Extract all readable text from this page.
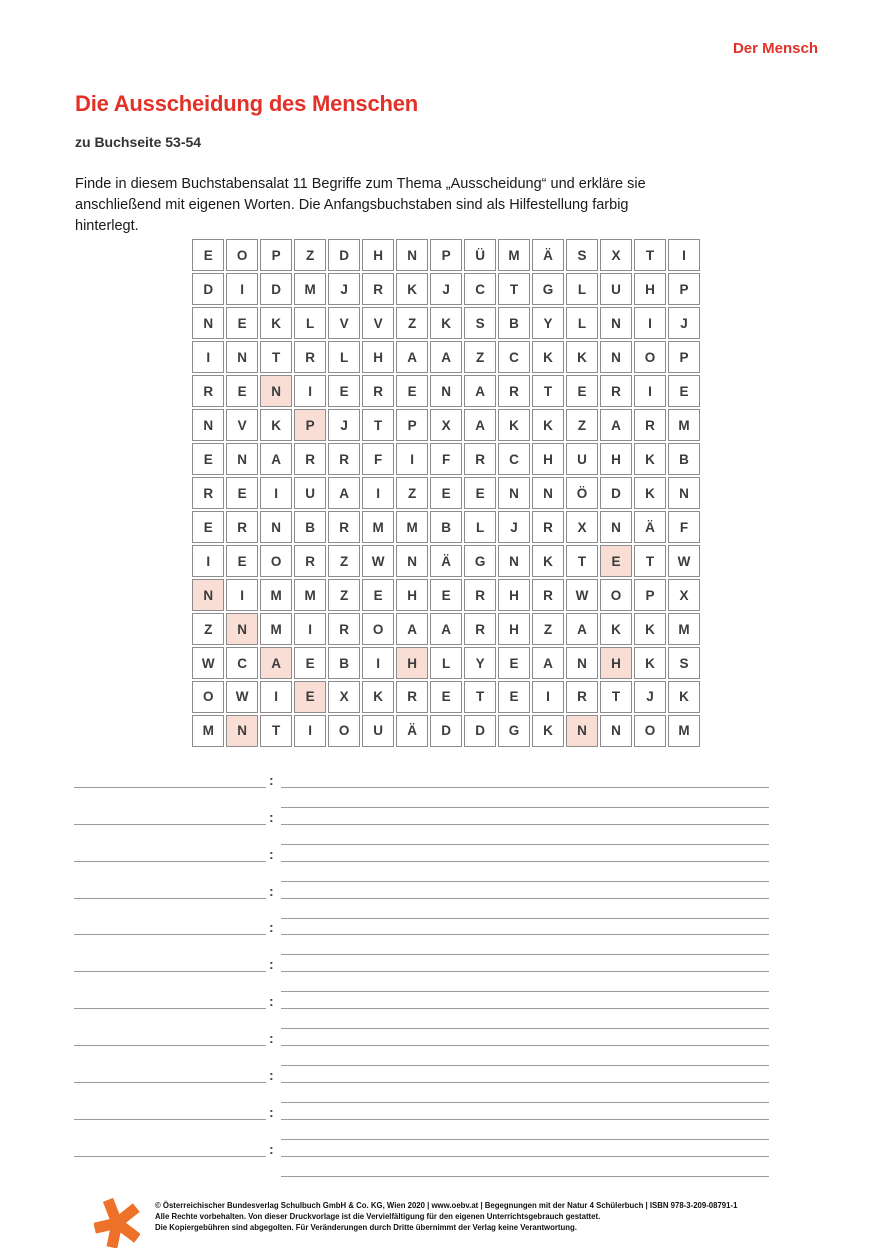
Der Mensch
Die Ausscheidung des Menschen
zu Buchseite 53-54
Finde in diesem Buchstabensalat 11 Begriffe zum Thema „Ausscheidung“ und erkläre sie
anschließend mit eigenen Worten. Die Anfangsbuchstaben sind als Hilfestellung farbig
hinterlegt.
E	O	P	Z	D	H	N	P	Ü	M	Ä	S	X	T	I
D	I	D	M	J	R	K	J	C	T	G	L	U	H	P
N	E	K	L	V	V	Z	K	S	B	Y	L	N	I	J
I	N	T	R	L	H	A	A	Z	C	K	K	N	O	P
R	E	N	I	E	R	E	N	A	R	T	E	R	I	E
N	V	K	P	J	T	P	X	A	K	K	Z	A	R	M
E	N	A	R	R	F	I	F	R	C	H	U	H	K	B
R	E	I	U	A	I	Z	E	E	N	N	Ö	D	K	N
E	R	N	B	R	M	M	B	L	J	R	X	N	Ä	F
I	E	O	R	Z	W	N	Ä	G	N	K	T	E	T	W
N	I	M	M	Z	E	H	E	R	H	R	W	O	P	X
Z	N	M	I	R	O	A	A	R	H	Z	A	K	K	M
W	C	A	E	B	I	H	L	Y	E	A	N	H	K	S
O	W	I	E	X	K	R	E	T	E	I	R	T	J	K
M	N	T	I	O	U	Ä	D	D	G	K	N	N	O	M
:
:
:
:
:
:
:
:
:
:
:
© Österreichischer Bundesverlag Schulbuch GmbH & Co. KG, Wien 2020 | www.oebv.at | Begegnungen mit der Natur 4 Schülerbuch | ISBN 978-3-209-08791-1
Alle Rechte vorbehalten. Von dieser Druckvorlage ist die Vervielfältigung für den eigenen Unterrichtsgebrauch gestattet.
Die Kopiergebühren sind abgegolten. Für Veränderungen durch Dritte übernimmt der Verlag keine Verantwortung.
